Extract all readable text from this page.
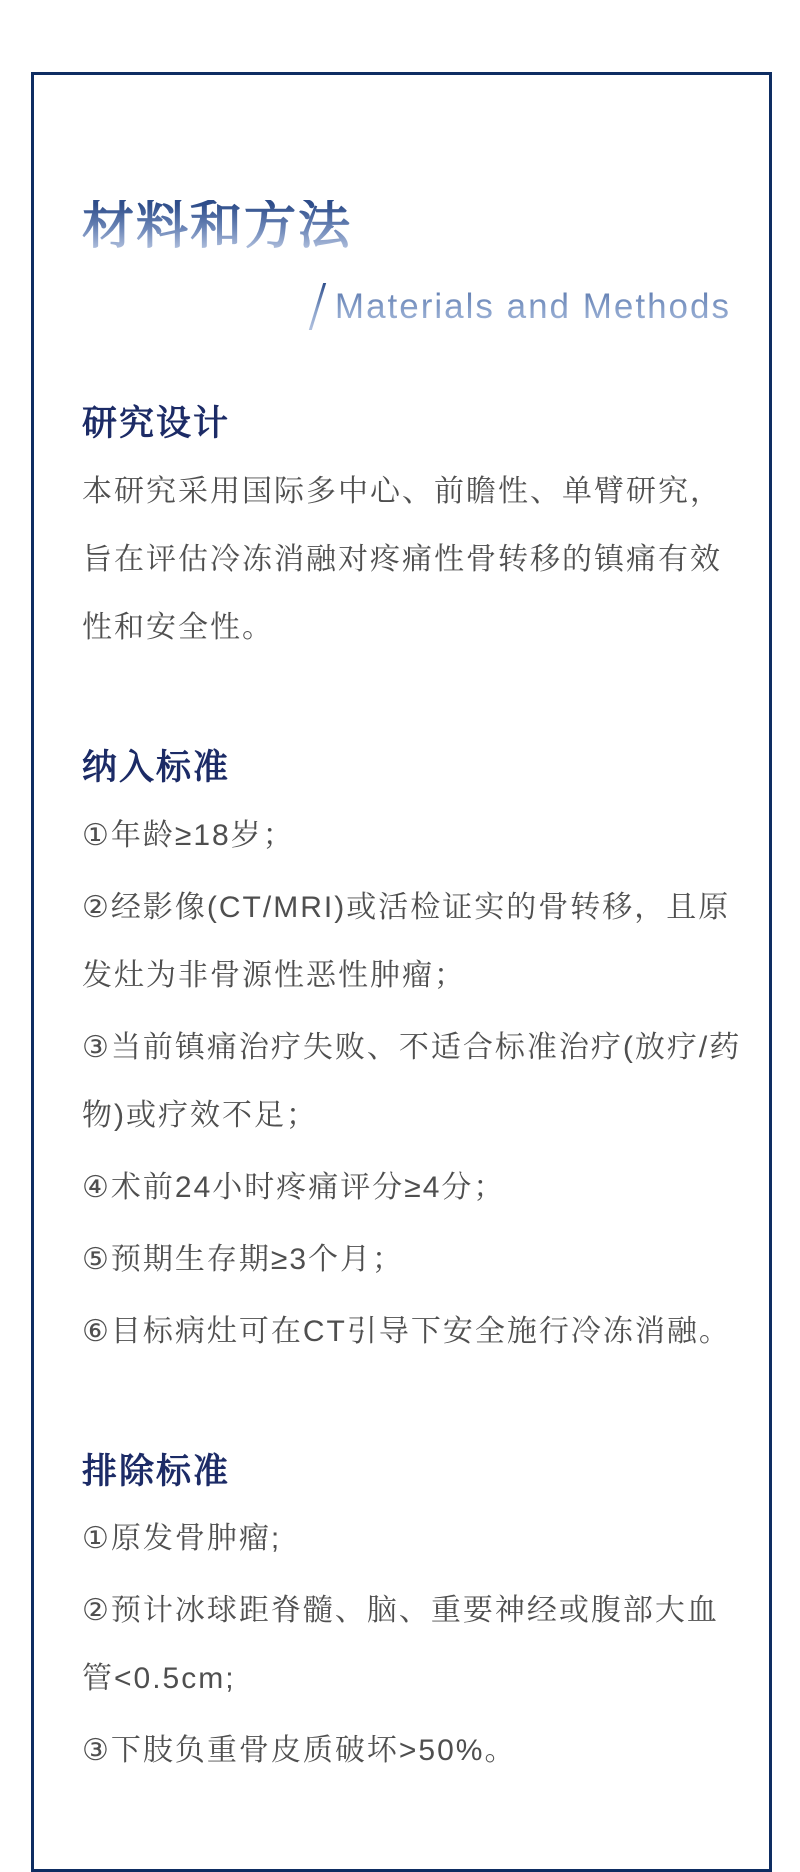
材料和方法
Materials and Methods
研究设计

本研究采用国际多中心、前瞻性、单臂研究，旨在评估冷冻消融对疼痛性骨转移的镇痛有效性和安全性。

纳入标准

①年龄≥18岁；

②经影像(CT/MRI)或活检证实的骨转移，且原发灶为非骨源性恶性肿瘤；

③当前镇痛治疗失败、不适合标准治疗(放疗/药物)或疗效不足；

④术前24小时疼痛评分≥4分；

⑤预期生存期≥3个月；

⑥目标病灶可在CT引导下安全施行冷冻消融。

排除标准

①原发骨肿瘤;

②预计冰球距脊髓、脑、重要神经或腹部大血管<0.5cm;

③下肢负重骨皮质破坏>50%。
